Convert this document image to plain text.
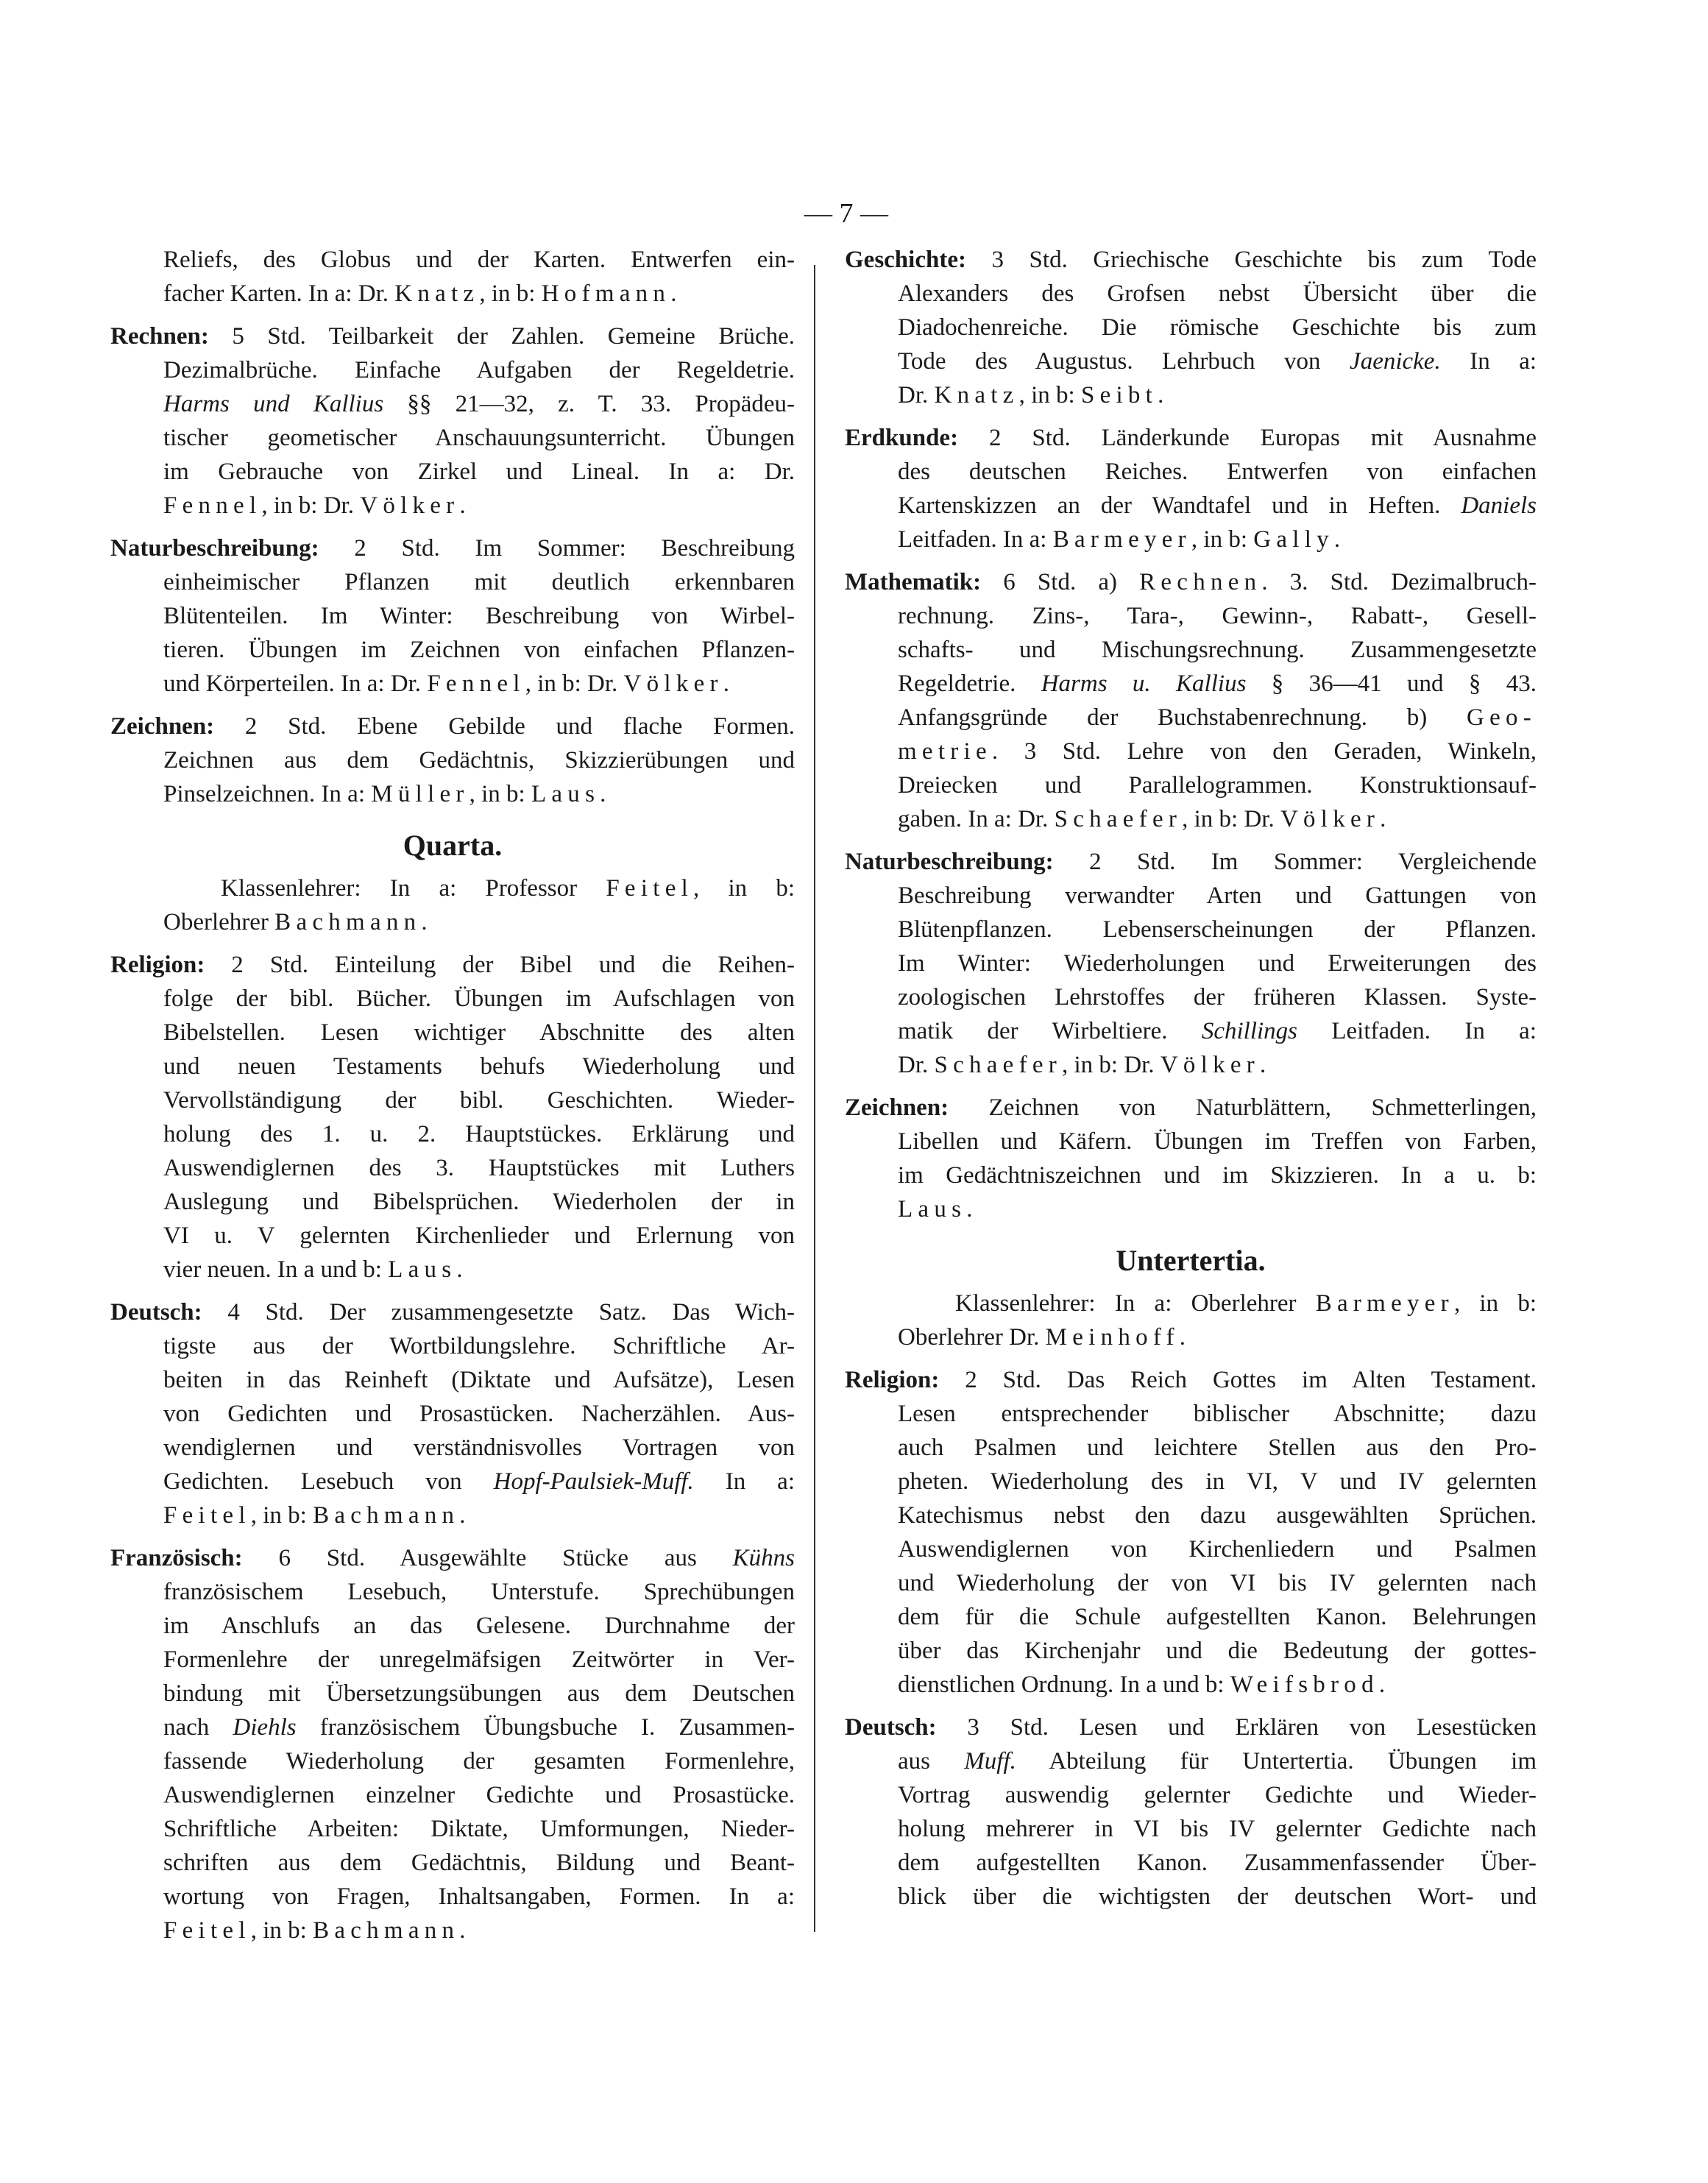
— 7 —
Reliefs, des Globus und der Karten. Entwerfen ein-
facher Karten. In a: Dr. Knatz, in b: Hofmann.
Rechnen: 5 Std. Teilbarkeit der Zahlen. Gemeine Brüche.
Dezimalbrüche. Einfache Aufgaben der Regeldetrie.
Harms und Kallius §§ 21—32, z. T. 33. Propädeu-
tischer geometischer Anschauungsunterricht. Übungen
im Gebrauche von Zirkel und Lineal. In a: Dr.
Fennel, in b: Dr. Völker.
Naturbeschreibung: 2 Std. Im Sommer: Beschreibung
einheimischer Pflanzen mit deutlich erkennbaren
Blütenteilen. Im Winter: Beschreibung von Wirbel-
tieren. Übungen im Zeichnen von einfachen Pflanzen-
und Körperteilen. In a: Dr. Fennel, in b: Dr. Völker.
Zeichnen: 2 Std. Ebene Gebilde und flache Formen.
Zeichnen aus dem Gedächtnis, Skizzierübungen und
Pinselzeichnen. In a: Müller, in b: Laus.
Quarta.
Klassenlehrer: In a: Professor Feitel, in b:
Oberlehrer Bachmann.
Religion: 2 Std. Einteilung der Bibel und die Reihen-
folge der bibl. Bücher. Übungen im Aufschlagen von
Bibelstellen. Lesen wichtiger Abschnitte des alten
und neuen Testaments behufs Wiederholung und
Vervollständigung der bibl. Geschichten. Wieder-
holung des 1. u. 2. Hauptstückes. Erklärung und
Auswendiglernen des 3. Hauptstückes mit Luthers
Auslegung und Bibelsprüchen. Wiederholen der in
VI u. V gelernten Kirchenlieder und Erlernung von
vier neuen. In a und b: Laus.
Deutsch: 4 Std. Der zusammengesetzte Satz. Das Wich-
tigste aus der Wortbildungslehre. Schriftliche Ar-
beiten in das Reinheft (Diktate und Aufsätze), Lesen
von Gedichten und Prosastücken. Nacherzählen. Aus-
wendiglernen und verständnisvolles Vortragen von
Gedichten. Lesebuch von Hopf-Paulsiek-Muff. In a:
Feitel, in b: Bachmann.
Französisch: 6 Std. Ausgewählte Stücke aus Kühns
französischem Lesebuch, Unterstufe. Sprechübungen
im Anschlufs an das Gelesene. Durchnahme der
Formenlehre der unregelmäfsigen Zeitwörter in Ver-
bindung mit Übersetzungsübungen aus dem Deutschen
nach Diehls französischem Übungsbuche I. Zusammen-
fassende Wiederholung der gesamten Formenlehre,
Auswendiglernen einzelner Gedichte und Prosastücke.
Schriftliche Arbeiten: Diktate, Umformungen, Nieder-
schriften aus dem Gedächtnis, Bildung und Beant-
wortung von Fragen, Inhaltsangaben, Formen. In a:
Feitel, in b: Bachmann.
Geschichte: 3 Std. Griechische Geschichte bis zum Tode
Alexanders des Grofsen nebst Übersicht über die
Diadochenreiche. Die römische Geschichte bis zum
Tode des Augustus. Lehrbuch von Jaenicke. In a:
Dr. Knatz, in b: Seibt.
Erdkunde: 2 Std. Länderkunde Europas mit Ausnahme
des deutschen Reiches. Entwerfen von einfachen
Kartenskizzen an der Wandtafel und in Heften. Daniels
Leitfaden. In a: Barmeyer, in b: Gally.
Mathematik: 6 Std. a) Rechnen. 3. Std. Dezimalbruch-
rechnung. Zins-, Tara-, Gewinn-, Rabatt-, Gesell-
schafts- und Mischungsrechnung. Zusammengesetzte
Regeldetrie. Harms u. Kallius § 36—41 und § 43.
Anfangsgründe der Buchstabenrechnung. b) Geo-
metrie. 3 Std. Lehre von den Geraden, Winkeln,
Dreiecken und Parallelogrammen. Konstruktionsauf-
gaben. In a: Dr. Schaefer, in b: Dr. Völker.
Naturbeschreibung: 2 Std. Im Sommer: Vergleichende
Beschreibung verwandter Arten und Gattungen von
Blütenpflanzen. Lebenserscheinungen der Pflanzen.
Im Winter: Wiederholungen und Erweiterungen des
zoologischen Lehrstoffes der früheren Klassen. Syste-
matik der Wirbeltiere. Schillings Leitfaden. In a:
Dr. Schaefer, in b: Dr. Völker.
Zeichnen: Zeichnen von Naturblättern, Schmetterlingen,
Libellen und Käfern. Übungen im Treffen von Farben,
im Gedächtniszeichnen und im Skizzieren. In a u. b:
Laus.
Untertertia.
Klassenlehrer: In a: Oberlehrer Barmeyer, in b:
Oberlehrer Dr. Meinhoff.
Religion: 2 Std. Das Reich Gottes im Alten Testament.
Lesen entsprechender biblischer Abschnitte; dazu
auch Psalmen und leichtere Stellen aus den Pro-
pheten. Wiederholung des in VI, V und IV gelernten
Katechismus nebst den dazu ausgewählten Sprüchen.
Auswendiglernen von Kirchenliedern und Psalmen
und Wiederholung der von VI bis IV gelernten nach
dem für die Schule aufgestellten Kanon. Belehrungen
über das Kirchenjahr und die Bedeutung der gottes-
dienstlichen Ordnung. In a und b: Weifsbrod.
Deutsch: 3 Std. Lesen und Erklären von Lesestücken
aus Muff. Abteilung für Untertertia. Übungen im
Vortrag auswendig gelernter Gedichte und Wieder-
holung mehrerer in VI bis IV gelernter Gedichte nach
dem aufgestellten Kanon. Zusammenfassender Über-
blick über die wichtigsten der deutschen Wort- und
